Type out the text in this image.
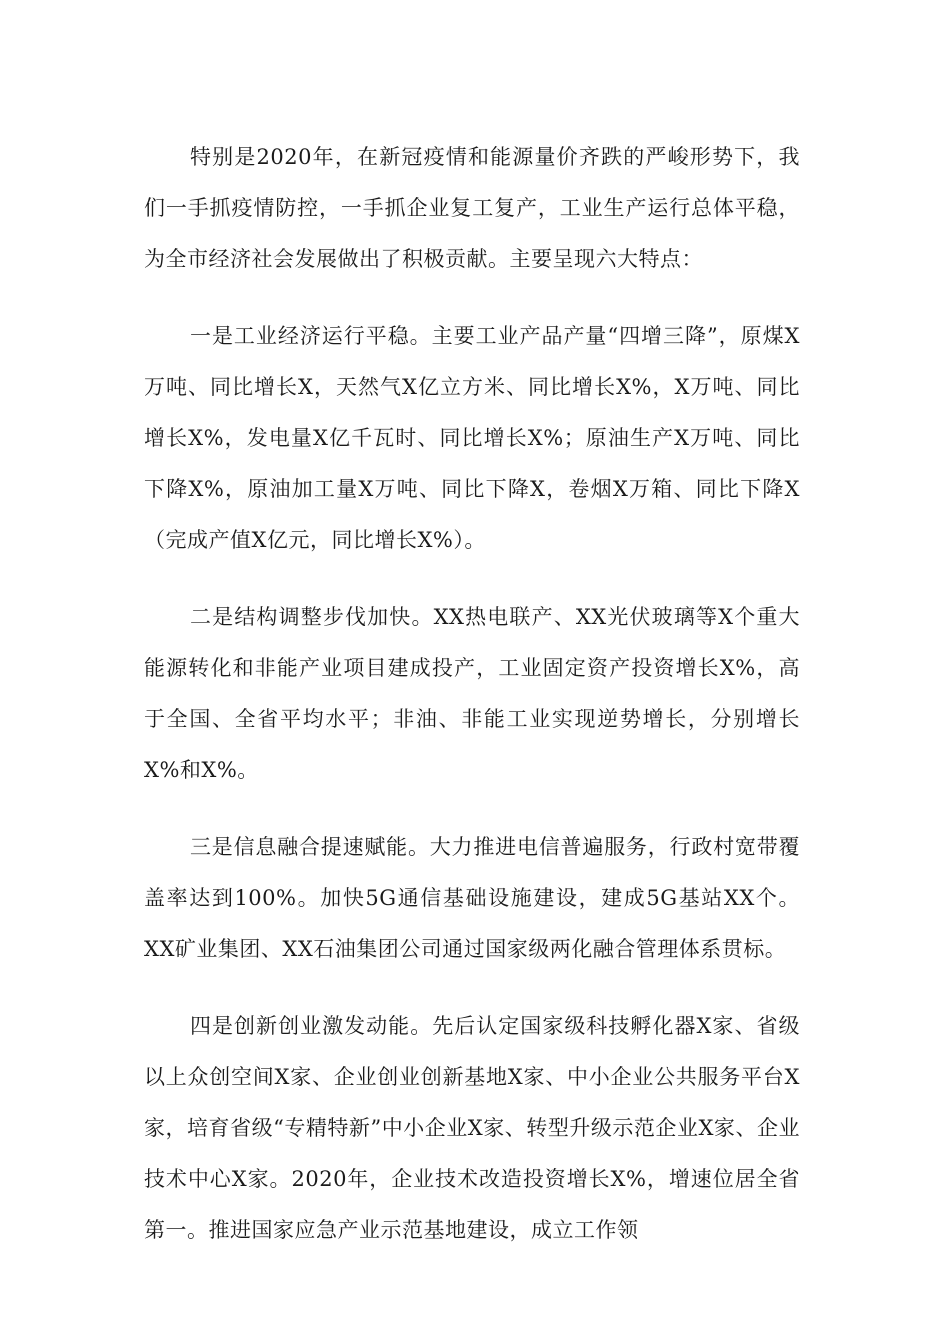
特别是2020年，在新冠疫情和能源量价齐跌的严峻形势下，我们一手抓疫情防控，一手抓企业复工复产，工业生产运行总体平稳，为全市经济社会发展做出了积极贡献。主要呈现六大特点：

一是工业经济运行平稳。主要工业产品产量“四增三降”，原煤X万吨、同比增长X，天然气X亿立方米、同比增长X%，X万吨、同比增长X%，发电量X亿千瓦时、同比增长X%；原油生产X万吨、同比下降X%，原油加工量X万吨、同比下降X，卷烟X万箱、同比下降X（完成产值X亿元，同比增长X%）。

二是结构调整步伐加快。XX热电联产、XX光伏玻璃等X个重大能源转化和非能产业项目建成投产，工业固定资产投资增长X%，高于全国、全省平均水平；非油、非能工业实现逆势增长，分别增长X%和X%。

三是信息融合提速赋能。大力推进电信普遍服务，行政村宽带覆盖率达到100%。加快5G通信基础设施建设，建成5G基站XX个。XX矿业集团、XX石油集团公司通过国家级两化融合管理体系贯标。

四是创新创业激发动能。先后认定国家级科技孵化器X家、省级以上众创空间X家、企业创业创新基地X家、中小企业公共服务平台X家，培育省级“专精特新”中小企业X家、转型升级示范企业X家、企业技术中心X家。2020年，企业技术改造投资增长X%，增速位居全省第一。推进国家应急产业示范基地建设，成立工作领
